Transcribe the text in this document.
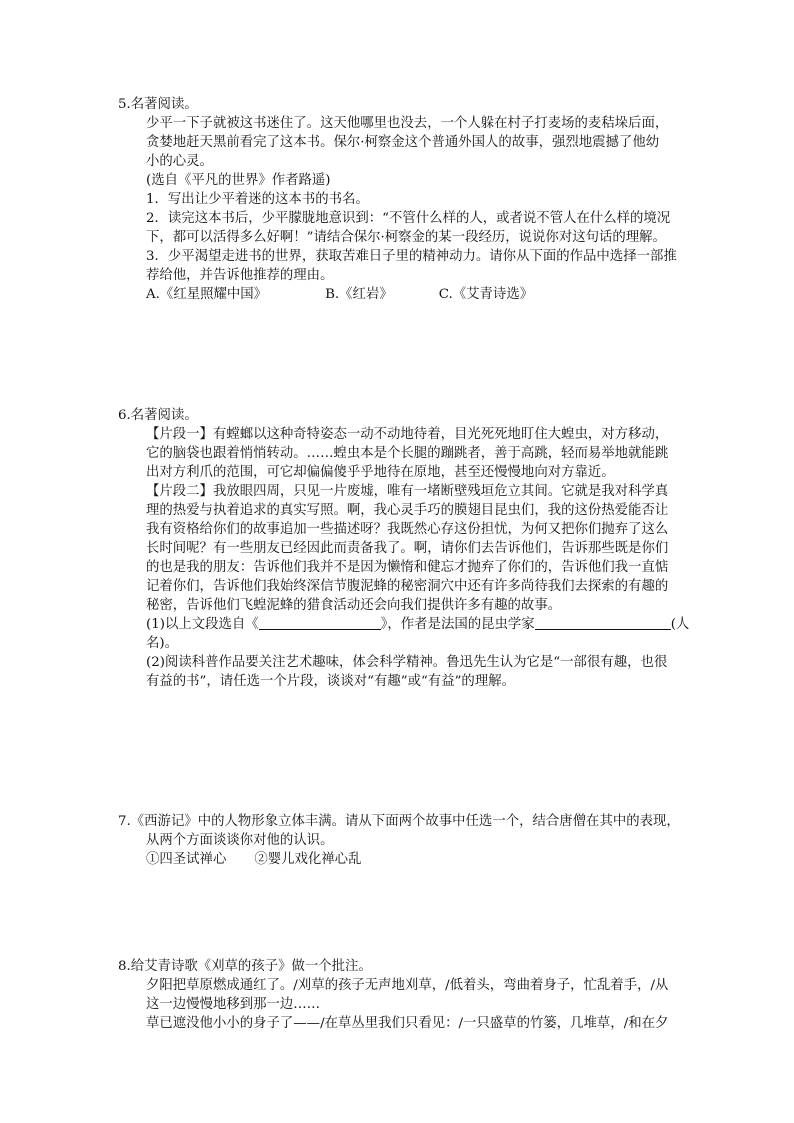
5.名著阅读。
少平一下子就被这书迷住了。这天他哪里也没去，一个人躲在村子打麦场的麦秸垛后面，
贪婪地赶天黑前看完了这本书。保尔·柯察金这个普通外国人的故事，强烈地震撼了他幼
小的心灵。
(选自《平凡的世界》作者路遥)
1．写出让少平着迷的这本书的书名。
2．读完这本书后，少平朦胧地意识到：“不管什么样的人，或者说不管人在什么样的境况
下，都可以活得多么好啊！”请结合保尔·柯察金的某一段经历，说说你对这句话的理解。
3．少平渴望走进书的世界，获取苦难日子里的精神动力。请你从下面的作品中选择一部推
荐给他，并告诉他推荐的理由。
A.《红星照耀中国》	B.《红岩》	C.《艾青诗选》
6.名著阅读。
【片段一】有螳螂以这种奇特姿态一动不动地待着，目光死死地盯住大蝗虫，对方移动，
它的脑袋也跟着悄悄转动。……蝗虫本是个长腿的蹦跳者，善于高跳，轻而易举地就能跳
出对方利爪的范围，可它却偏偏傻乎乎地待在原地，甚至还慢慢地向对方靠近。
【片段二】我放眼四周，只见一片废墟，唯有一堵断壁残垣危立其间。它就是我对科学真
理的热爱与执着追求的真实写照。啊，我心灵手巧的膜翅目昆虫们，我的这份热爱能否让
我有资格给你们的故事追加一些描述呀？我既然心存这份担忧，为何又把你们抛弃了这么
长时间呢？有一些朋友已经因此而责备我了。啊，请你们去告诉他们，告诉那些既是你们
的也是我的朋友：告诉他们我并不是因为懒惰和健忘才抛弃了你们的，告诉他们我一直惦
记着你们，告诉他们我始终深信节腹泥蜂的秘密洞穴中还有许多尚待我们去探索的有趣的
秘密，告诉他们飞蝗泥蜂的猎食活动还会向我们提供许多有趣的故事。
(1)以上文段选自《	》，作者是法国的昆虫学家	(人
名)。
(2)阅读科普作品要关注艺术趣味，体会科学精神。鲁迅先生认为它是“一部很有趣，也很
有益的书”，请任选一个片段，谈谈对“有趣”或“有益”的理解。
7.《西游记》中的人物形象立体丰满。请从下面两个故事中任选一个，结合唐僧在其中的表现，
从两个方面谈谈你对他的认识。
①四圣试禅心 ②婴儿戏化禅心乱
8.给艾青诗歌《刈草的孩子》做一个批注。
夕阳把草原燃成通红了。/刈草的孩子无声地刈草，/低着头，弯曲着身子，忙乱着手，/从
这一边慢慢地移到那一边……
草已遮没他小小的身子了——/在草丛里我们只看见：/一只盛草的竹篓，几堆草，/和在夕
